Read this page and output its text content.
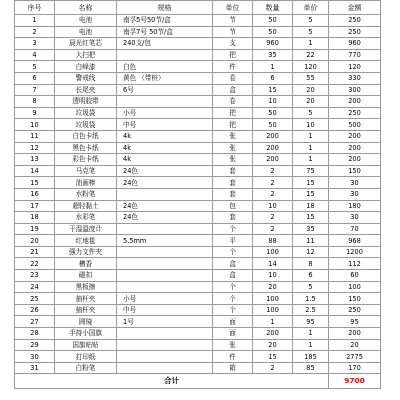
序号	名称	规格	单位	数量	单价	金额
1	电池	南孚5号50节/盒	节	50	5	250
2	电池	南孚7号 50节/盒	节	50	5	250
3	晨光红笔芯	240支/包	支	960	1	960
4	大扫把		把	35	22	770
5	白峰漆	白色	件	1	120	120
6	警戒线	黄色 （带桩）	卷	6	55	330
7	长尾夹	6号	盒	15	20	300
8	透明胶带		卷	10	20	200
9	垃圾袋	小号	把	50	5	250
10	垃圾袋	中号	把	50	10	500
11	白色卡纸	4k	张	200	1	200
12	黑色卡纸	4k	张	200	1	200
13	彩色卡纸	4k	张	200	1	200
14	马克笔	24色	套	2	75	150
15	油画棒	24色	套	2	15	30
16	水粉笔		套	2	15	30
17	超轻黏土	24色	包	10	18	180
18	水彩笔	24色	套	2	15	30
19	干湿温度计		个	2	35	70
20	红地毯	5.5mm	平	88	11	968
21	强力文件夹		个	100	12	1200
22	槽香		盒	14	8	112
23	磁扣		盒	10	6	60
24	黑板擦		个	20	5	100
25	抽杆夹	小号	个	100	1.5	150
26	抽杆夹	中号	个	100	2.5	250
27	圆镜	1号	面	1	95	95
28	手持小国旗		面	200	1	200
29	国旗贴贴		张	20	1	20
30	打印纸		件	15	185	2775
31	白粉笔		箱	2	85	170
合计						9700
